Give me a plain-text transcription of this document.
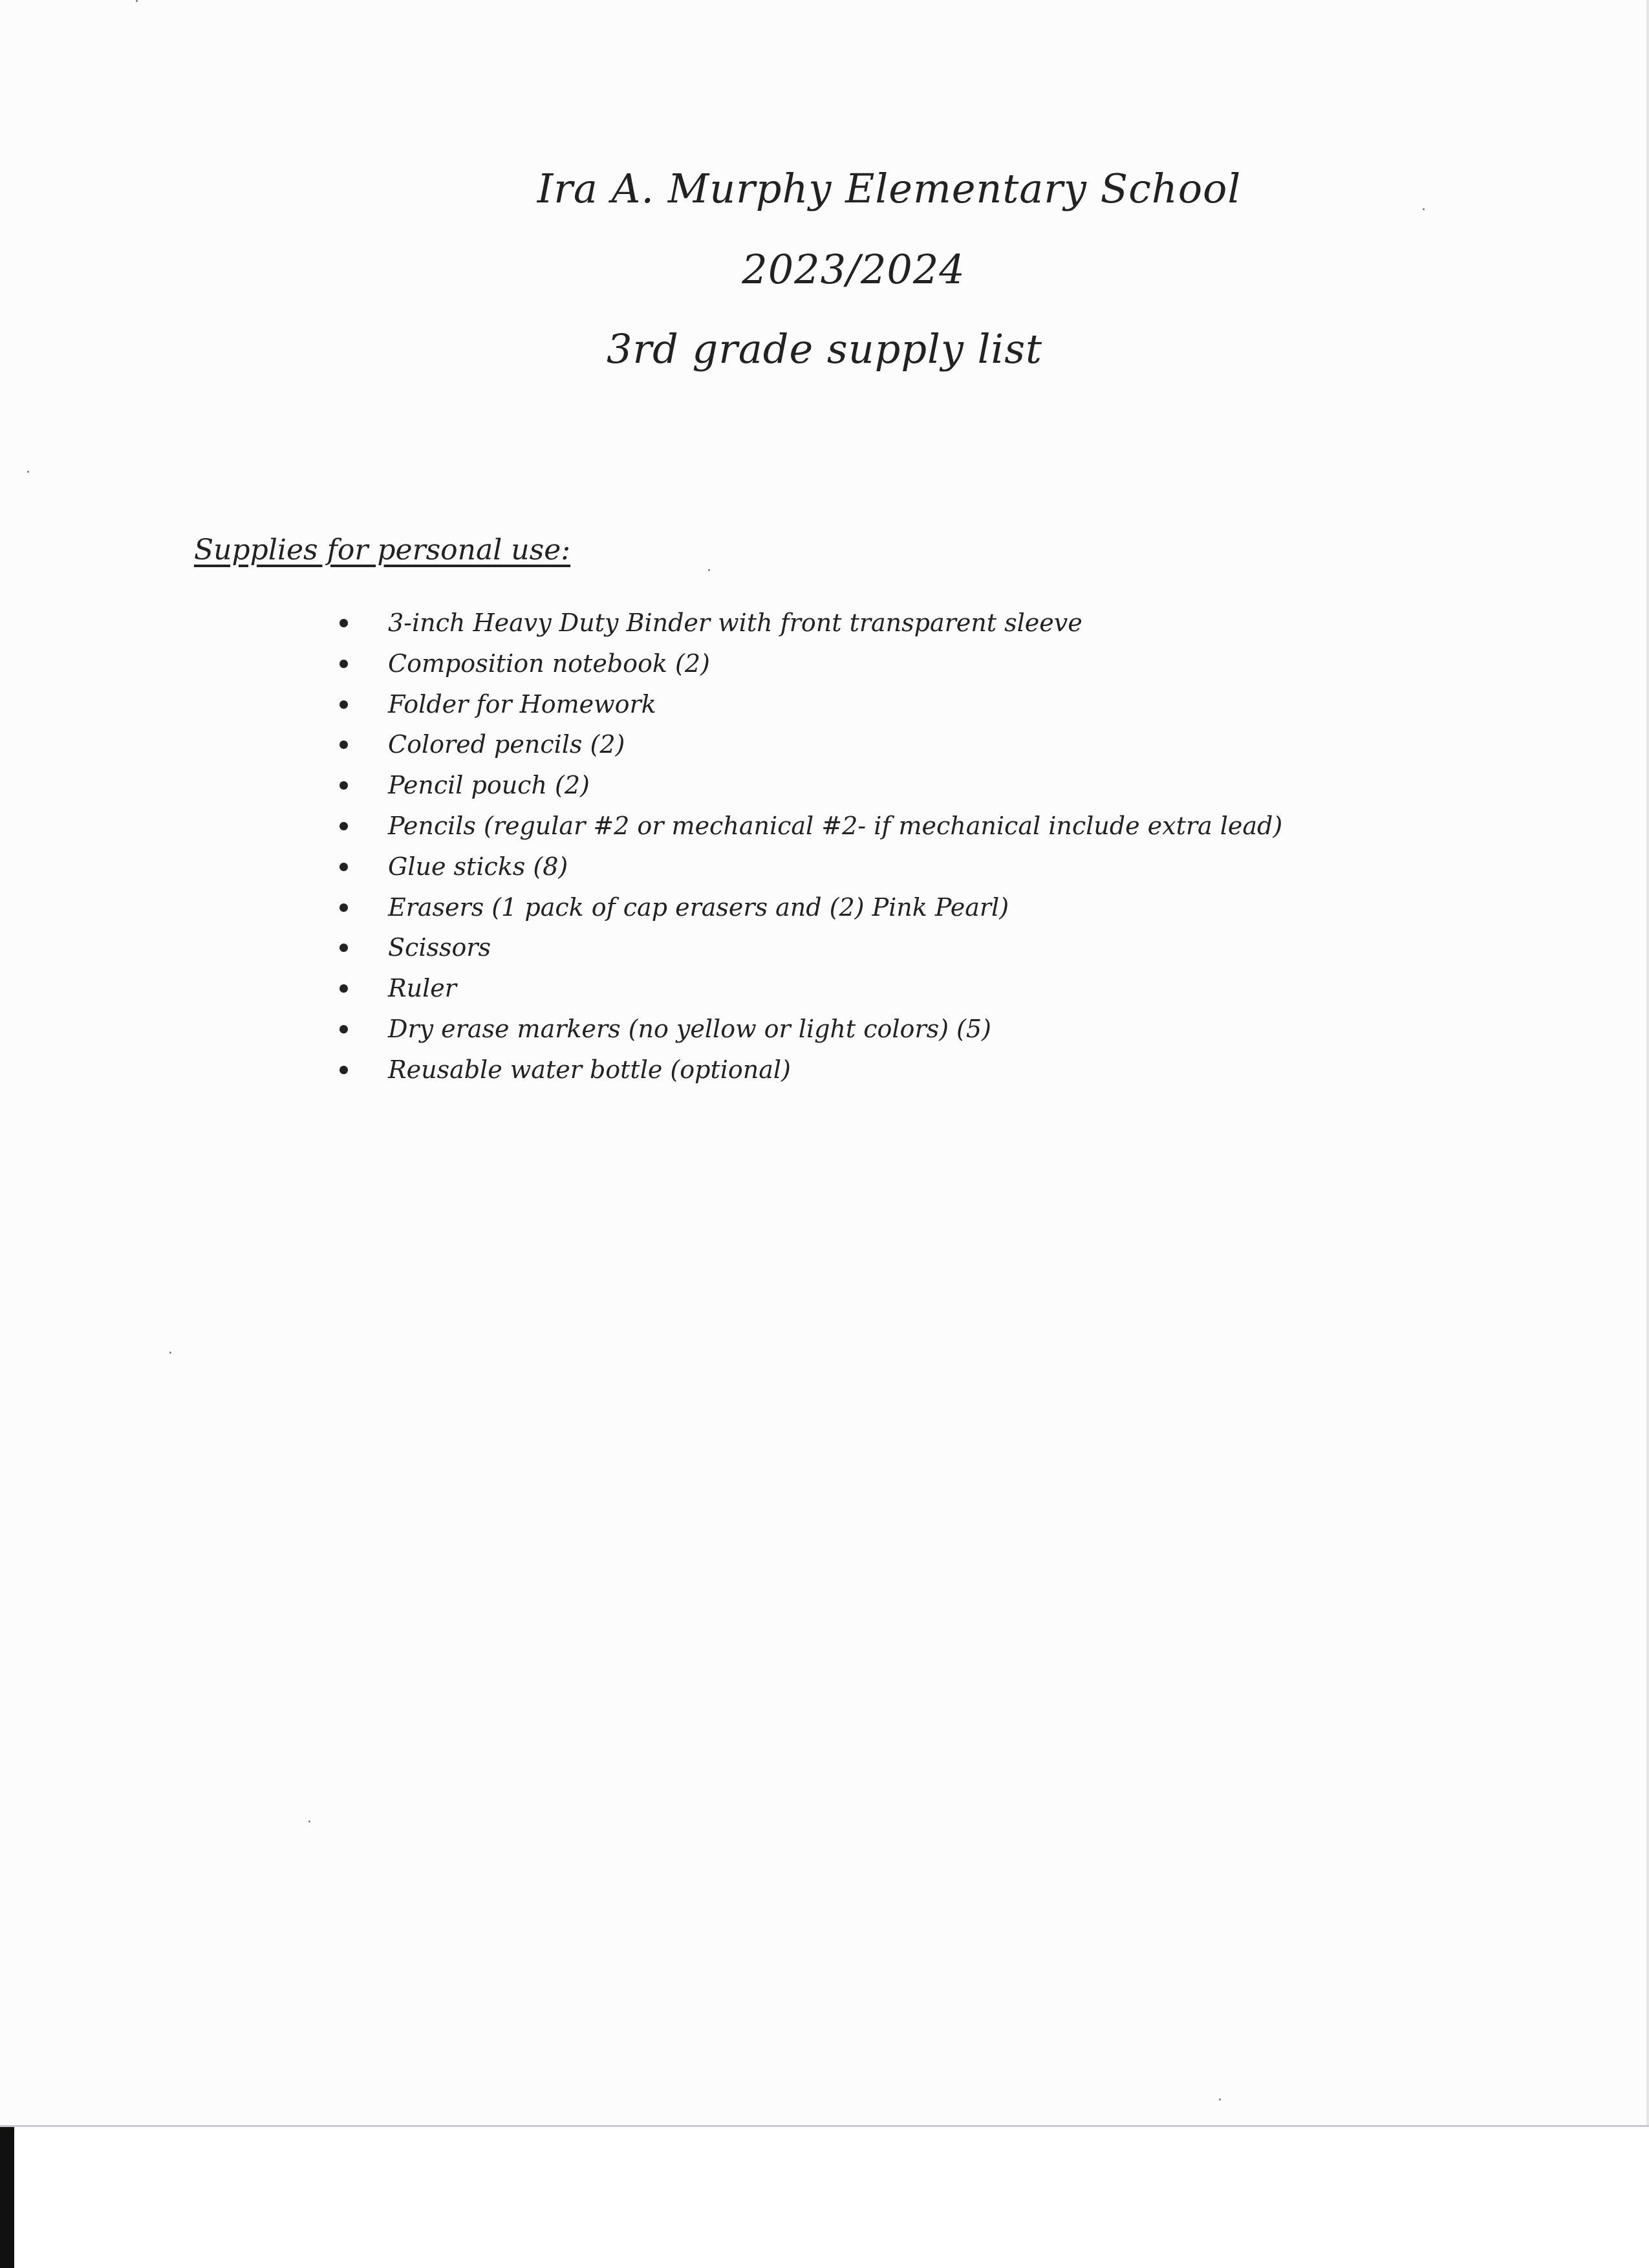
Ira A. Murphy Elementary School
2023/2024
3rd grade supply list
Supplies for personal use:
3-inch Heavy Duty Binder with front transparent sleeve
Composition notebook (2)
Folder for Homework
Colored pencils (2)
Pencil pouch (2)
Pencils (regular #2 or mechanical #2- if mechanical include extra lead)
Glue sticks (8)
Erasers (1 pack of cap erasers and (2) Pink Pearl)
Scissors
Ruler
Dry erase markers (no yellow or light colors) (5)
Reusable water bottle (optional)
